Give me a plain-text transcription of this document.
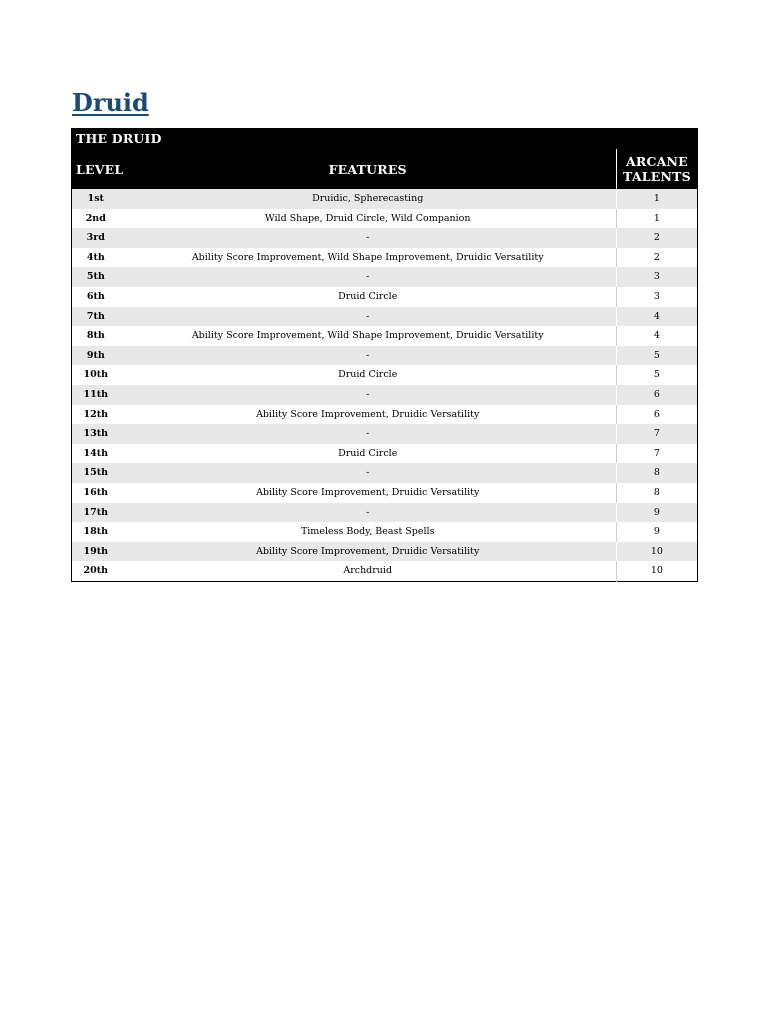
Druid
THE DRUID		
LEVEL	FEATURES	ARCANE
TALENTS
1st	Druidic, Spherecasting	1
2nd	Wild Shape, Druid Circle, Wild Companion	1
3rd	-	2
4th	Ability Score Improvement, Wild Shape Improvement, Druidic Versatility	2
5th	-	3
6th	Druid Circle	3
7th	-	4
8th	Ability Score Improvement, Wild Shape Improvement, Druidic Versatility	4
9th	-	5
10th	Druid Circle	5
11th	-	6
12th	Ability Score Improvement, Druidic Versatility	6
13th	-	7
14th	Druid Circle	7
15th	-	8
16th	Ability Score Improvement, Druidic Versatility	8
17th	-	9
18th	Timeless Body, Beast Spells	9
19th	Ability Score Improvement, Druidic Versatility	10
20th	Archdruid	10
